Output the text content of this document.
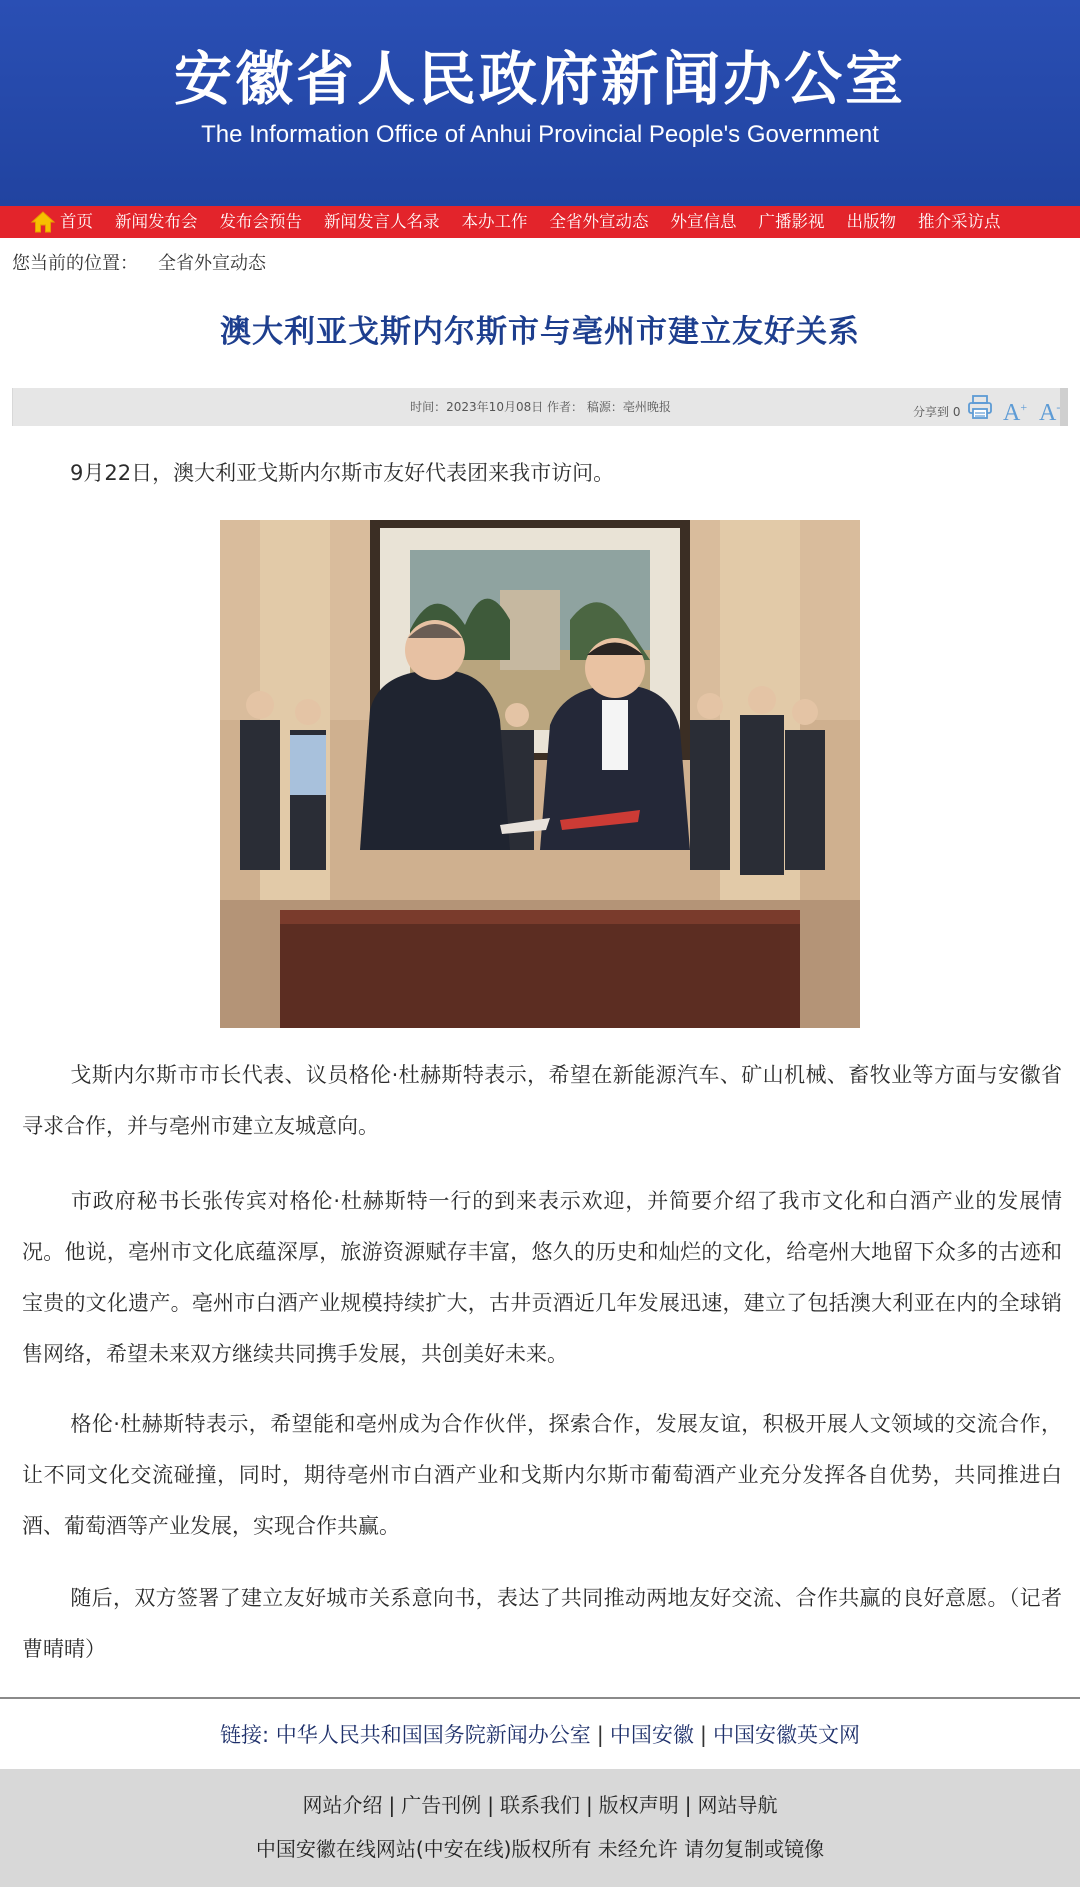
安徽省人民政府新闻办公室
The Information Office of Anhui Provincial People's Government
首页 新闻发布会 发布会预告 新闻发言人名录 本办工作 全省外宣动态 外宣信息 广播影视 出版物 推介采访点
您当前的位置： 全省外宣动态
澳大利亚戈斯内尔斯市与亳州市建立友好关系
时间：2023年10月08日 作者： 稿源：亳州晚报	分享到 0 A+ A-

9月22日，澳大利亚戈斯内尔斯市友好代表团来我市访问。

戈斯内尔斯市市长代表、议员格伦·杜赫斯特表示，希望在新能源汽车、矿山机械、畜牧业等方面与安徽省寻求合作，并与亳州市建立友城意向。

市政府秘书长张传宾对格伦·杜赫斯特一行的到来表示欢迎，并简要介绍了我市文化和白酒产业的发展情况。他说，亳州市文化底蕴深厚，旅游资源赋存丰富，悠久的历史和灿烂的文化，给亳州大地留下众多的古迹和宝贵的文化遗产。亳州市白酒产业规模持续扩大，古井贡酒近几年发展迅速，建立了包括澳大利亚在内的全球销售网络，希望未来双方继续共同携手发展，共创美好未来。

格伦·杜赫斯特表示，希望能和亳州成为合作伙伴，探索合作，发展友谊，积极开展人文领域的交流合作，让不同文化交流碰撞，同时，期待亳州市白酒产业和戈斯内尔斯市葡萄酒产业充分发挥各自优势，共同推进白酒、葡萄酒等产业发展，实现合作共赢。

随后，双方签署了建立友好城市关系意向书，表达了共同推动两地友好交流、合作共赢的良好意愿。（记者 曹晴晴）

链接: 中华人民共和国国务院新闻办公室 | 中国安徽 | 中国安徽英文网
网站介绍 | 广告刊例 | 联系我们 | 版权声明 | 网站导航
中国安徽在线网站(中安在线)版权所有 未经允许 请勿复制或镜像
